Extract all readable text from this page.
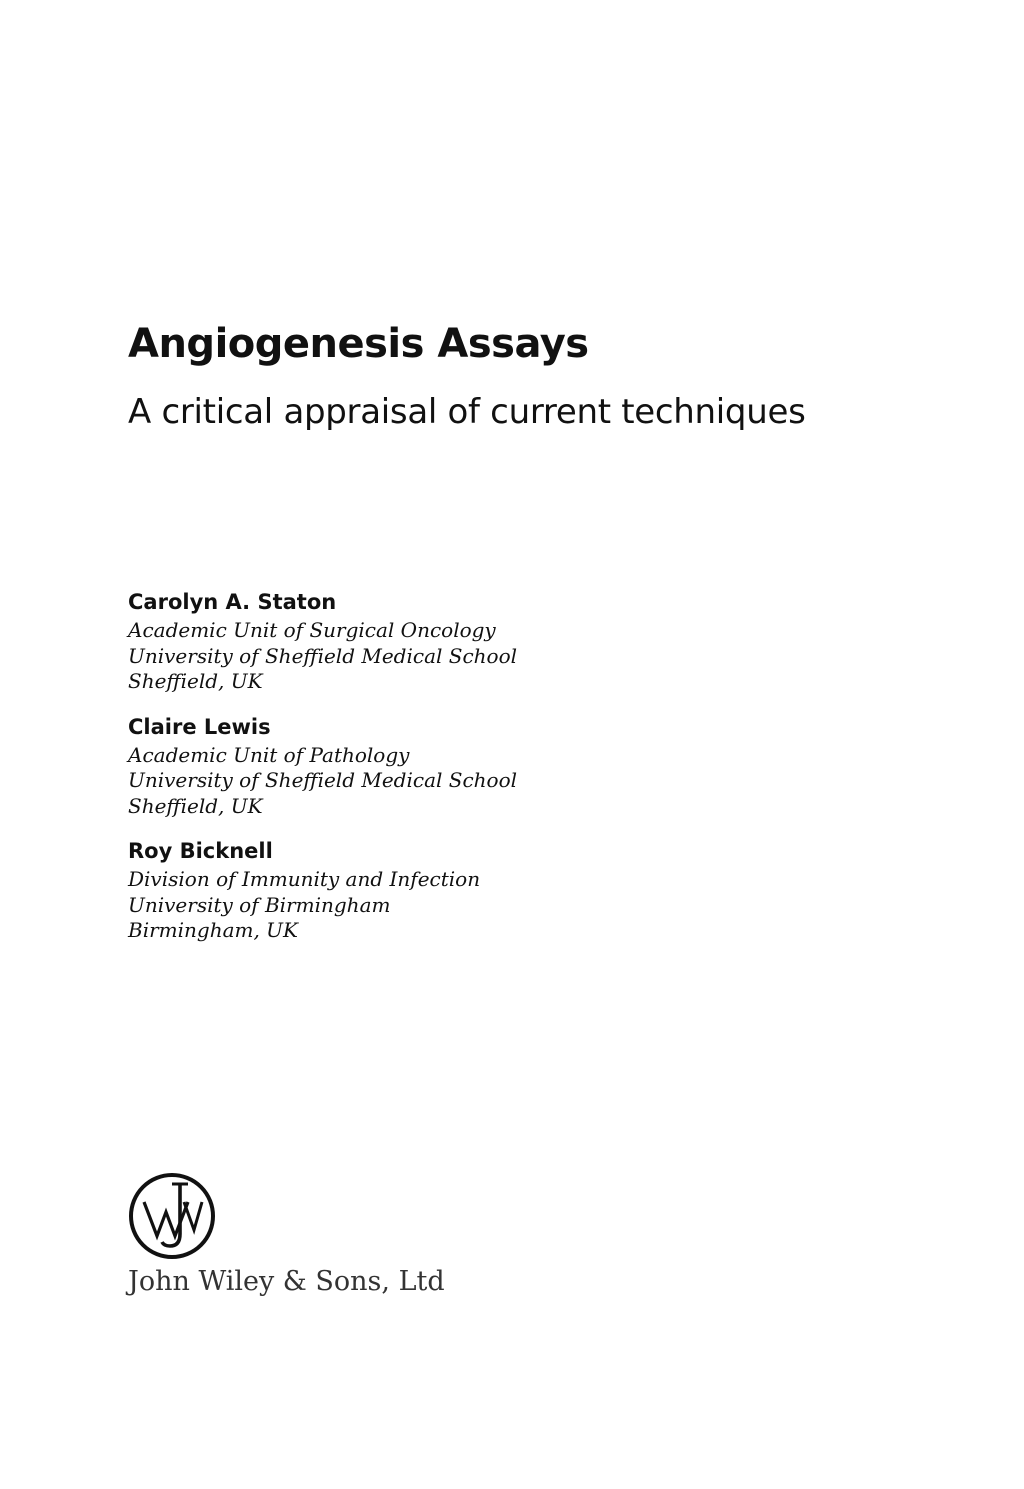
Angiogenesis Assays
A critical appraisal of current techniques
Carolyn A. Staton
Academic Unit of Surgical Oncology
University of Sheffield Medical School
Sheffield, UK
Claire Lewis
Academic Unit of Pathology
University of Sheffield Medical School
Sheffield, UK
Roy Bicknell
Division of Immunity and Infection
University of Birmingham
Birmingham, UK
John Wiley & Sons, Ltd
